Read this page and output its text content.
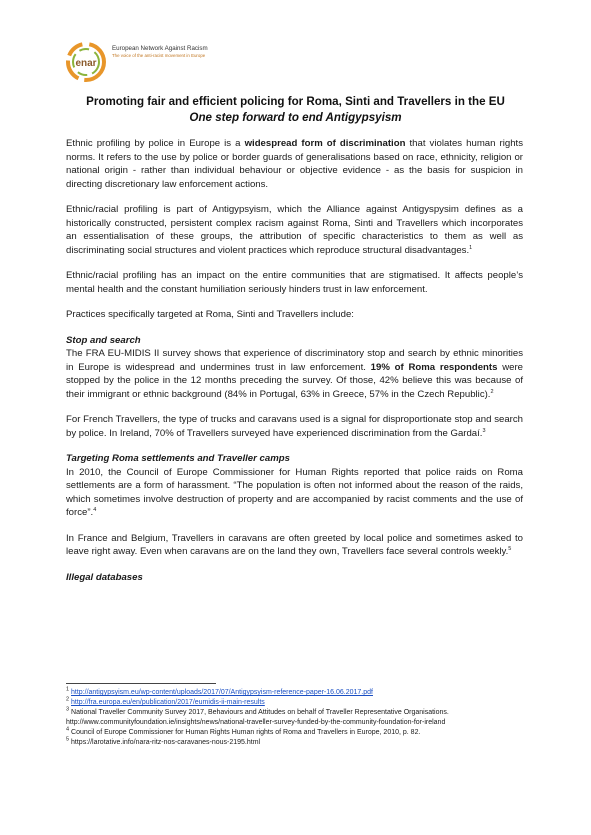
enar
European Network Against Racism
The voice of the anti-racist movement in Europe
Promoting fair and efficient policing for Roma, Sinti and Travellers in the EU
One step forward to end Antigypsyism

Ethnic profiling by police in Europe is a widespread form of discrimination that violates human rights norms. It refers to the use by police or border guards of generalisations based on race, ethnicity, religion or national origin - rather than individual behaviour or objective evidence - as the basis for suspicion in directing discretionary law enforcement actions.

Ethnic/racial profiling is part of Antigypsyism, which the Alliance against Antigyspysim defines as a historically constructed, persistent complex racism against Roma, Sinti and Travellers which incorporates an essentialisation of these groups, the attribution of specific characteristics to them as well as discriminating social structures and violent practices which reproduce structural disadvantages.$^1$

Ethnic/racial profiling has an impact on the entire communities that are stigmatised. It affects people’s mental health and the constant humiliation seriously hinders trust in law enforcement.

Practices specifically targeted at Roma, Sinti and Travellers include:

Stop and search

The FRA EU-MIDIS II survey shows that experience of discriminatory stop and search by ethnic minorities in Europe is widespread and undermines trust in law enforcement. 19% of Roma respondents were stopped by the police in the 12 months preceding the survey. Of those, 42% believe this was because of their immigrant or ethnic background (84% in Portugal, 63% in Greece, 57% in the Czech Republic).$^2$

For French Travellers, the type of trucks and caravans used is a signal for disproportionate stop and search by police. In Ireland, 70% of Travellers surveyed have experienced discrimination from the Gardaí.$^3$

Targeting Roma settlements and Traveller camps

In 2010, the Council of Europe Commissioner for Human Rights reported that police raids on Roma settlements are a form of harassment. “The population is often not informed about the reason of the raids, which sometimes involve destruction of property and are accompanied by racist comments and the use of force”.$^4$

In France and Belgium, Travellers in caravans are often greeted by local police and sometimes asked to leave right away. Even when caravans are on the land they own, Travellers face several controls weekly.$^5$

Illegal databases

$^1$ http://antigypsyism.eu/wp-content/uploads/2017/07/Antigypsyism-reference-paper-16.06.2017.pdf

$^2$ http://fra.europa.eu/en/publication/2017/eumidis-ii-main-results

$^3$ National Traveller Community Survey 2017, Behaviours and Attitudes on behalf of Traveller Representative Organisations. http://www.communityfoundation.ie/insights/news/national-traveller-survey-funded-by-the-community-foundation-for-ireland

$^4$ Council of Europe Commissioner for Human Rights Human rights of Roma and Travellers in Europe, 2010, p. 82.

$^5$ https://larotative.info/nara-ritz-nos-caravanes-nous-2195.html
